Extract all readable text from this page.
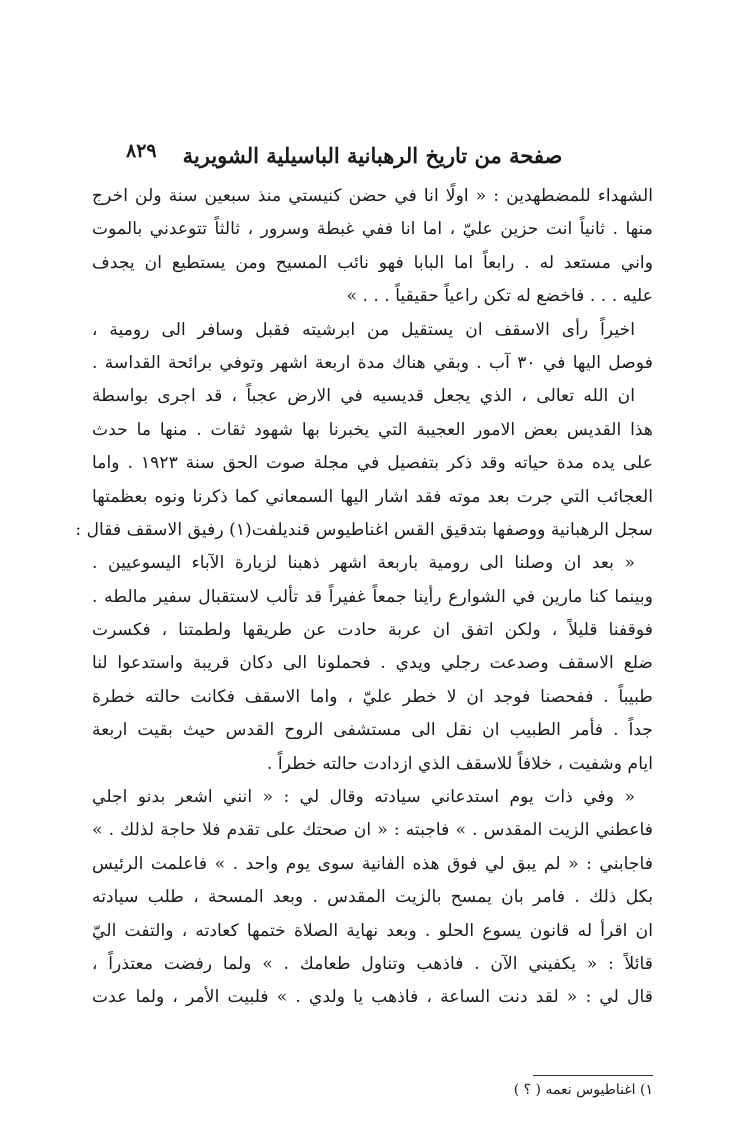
صفحة من تاريخ الرهبانية الباسيلية الشويرية
٨٢٩
الشهداء للمضطهدين : « اولًا انا في حضن كنيستي منذ سبعين سنة ولن اخرج
منها . ثانياً انت حزين عليّ ، اما انا ففي غبطة وسرور ، ثالثاً تتوعدني بالموت
واني مستعد له . رابعاً اما البابا فهو نائب المسيح ومن يستطيع ان يجدف
عليه . . . فاخضع له تكن راعياً حقيقياً . . . »
اخيراً رأى الاسقف ان يستقيل من ابرشيته فقبل وسافر الى رومية ،
فوصل اليها في ٣٠ آب . وبقي هناك مدة اربعة اشهر وتوفي برائحة القداسة .
ان الله تعالى ، الذي يجعل قديسيه في الارض عجباً ، قد اجرى بواسطة
هذا القديس بعض الامور العجيبة التي يخبرنا بها شهود ثقات . منها ما حدث
على يده مدة حياته وقد ذكر بتفصيل في مجلة صوت الحق سنة ١٩٢٣ . واما
العجائب التي جرت بعد موته فقد اشار اليها السمعاني كما ذكرنا ونوه بعظمتها
سجل الرهبانية ووصفها بتدقيق القس اغناطيوس قنديلفت(١) رفيق الاسقف فقال :
« بعد ان وصلنا الى رومية باربعة اشهر ذهبنا لزيارة الآباء اليسوعيين .
وبينما كنا مارين في الشوارع رأينا جمعاً غفيراً قد تألب لاستقبال سفير مالطه .
فوقفنا قليلاً ، ولكن اتفق ان عربة حادت عن طريقها ولطمتنا ، فكسرت
ضلع الاسقف وصدعت رجلي ويدي . فحملونا الى دكان قريبة واستدعوا لنا
طبيباً . ففحصنا فوجد ان لا خطر عليّ ، واما الاسقف فكانت حالته خطرة
جداً . فأمر الطبيب ان نقل الى مستشفى الروح القدس حيث بقيت اربعة
ايام وشفيت ، خلافاً للاسقف الذي ازدادت حالته خطراً .
« وفي ذات يوم استدعاني سيادته وقال لي : « انني اشعر بدنو اجلي
فاعطني الزيت المقدس . » فاجبته : « ان صحتك على تقدم فلا حاجة لذلك . »
فاجابني : « لم يبق لي فوق هذه الفانية سوى يوم واحد . » فاعلمت الرئيس
بكل ذلك . فامر بان يمسح بالزيت المقدس . وبعد المسحة ، طلب سيادته
ان اقرأ له قانون يسوع الحلو . وبعد نهاية الصلاة ختمها كعادته ، والتفت اليّ
قائلاً : « يكفيني الآن . فاذهب وتناول طعامك . » ولما رفضت معتذراً ،
قال لي : « لقد دنت الساعة ، فاذهب يا ولدي . » فلبيت الأمر ، ولما عدت
١) اغناطيوس نعمه ( ؟ )
